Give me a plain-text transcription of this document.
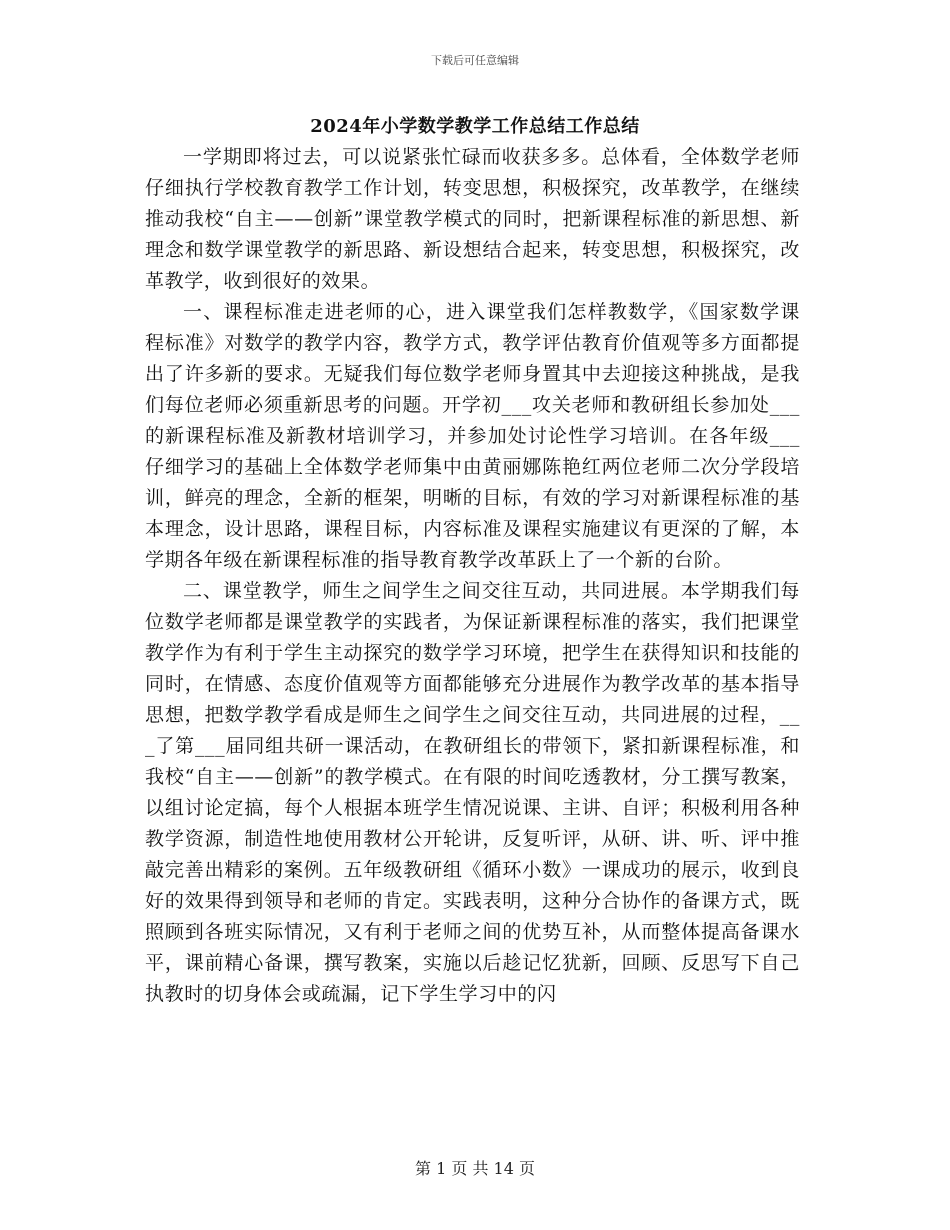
下载后可任意编辑
2024年小学数学教学工作总结工作总结

一学期即将过去，可以说紧张忙碌而收获多多。总体看，全体数学老师仔细执行学校教育教学工作计划，转变思想，积极探究，改革教学，在继续推动我校“自主——创新”课堂教学模式的同时，把新课程标准的新思想、新理念和数学课堂教学的新思路、新设想结合起来，转变思想，积极探究，改革教学，收到很好的效果。

一、课程标准走进老师的心，进入课堂我们怎样教数学，《国家数学课程标准》对数学的教学内容，教学方式，教学评估教育价值观等多方面都提出了许多新的要求。无疑我们每位数学老师身置其中去迎接这种挑战，是我们每位老师必须重新思考的问题。开学初___攻关老师和教研组长参加处___的新课程标准及新教材培训学习，并参加处讨论性学习培训。在各年级___仔细学习的基础上全体数学老师集中由黄丽娜陈艳红两位老师二次分学段培训，鲜亮的理念，全新的框架，明晰的目标，有效的学习对新课程标准的基本理念，设计思路，课程目标，内容标准及课程实施建议有更深的了解，本学期各年级在新课程标准的指导教育教学改革跃上了一个新的台阶。

二、课堂教学，师生之间学生之间交往互动，共同进展。本学期我们每位数学老师都是课堂教学的实践者，为保证新课程标准的落实，我们把课堂教学作为有利于学生主动探究的数学学习环境，把学生在获得知识和技能的同时，在情感、态度价值观等方面都能够充分进展作为教学改革的基本指导思想，把数学教学看成是师生之间学生之间交往互动，共同进展的过程，___了第___届同组共研一课活动，在教研组长的带领下，紧扣新课程标准，和我校“自主——创新”的教学模式。在有限的时间吃透教材，分工撰写教案，以组讨论定搞，每个人根据本班学生情况说课、主讲、自评；积极利用各种教学资源，制造性地使用教材公开轮讲，反复听评，从研、讲、听、评中推敲完善出精彩的案例。五年级教研组《循环小数》一课成功的展示，收到良好的效果得到领导和老师的肯定。实践表明，这种分合协作的备课方式，既照顾到各班实际情况，又有利于老师之间的优势互补，从而整体提高备课水平，课前精心备课，撰写教案，实施以后趁记忆犹新，回顾、反思写下自己执教时的切身体会或疏漏，记下学生学习中的闪

第 1 页 共 14 页
